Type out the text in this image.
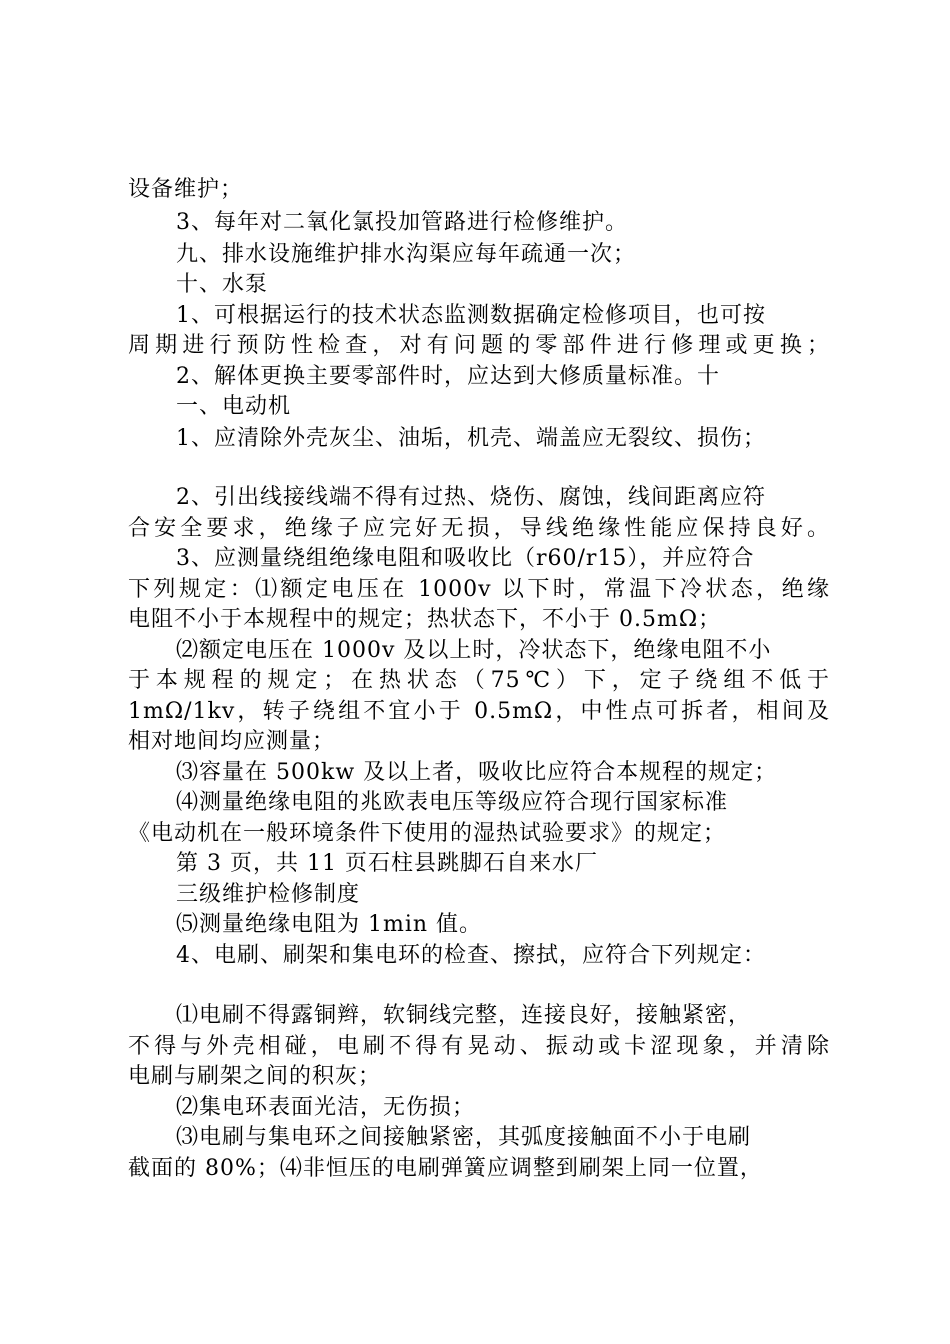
设备维护；
3、每年对二氧化氯投加管路进行检修维护。
九、排水设施维护排水沟渠应每年疏通一次；
十、水泵
1、可根据运行的技术状态监测数据确定检修项目，也可按
周期进行预防性检查，对有问题的零部件进行修理或更换；
2、解体更换主要零部件时，应达到大修质量标准。十
一、电动机
1、应清除外壳灰尘、油垢，机壳、端盖应无裂纹、损伤；
2、引出线接线端不得有过热、烧伤、腐蚀，线间距离应符
合安全要求，绝缘子应完好无损，导线绝缘性能应保持良好。
3、应测量绕组绝缘电阻和吸收比（r60/r15），并应符合
下列规定：⑴额定电压在 1000v 以下时，常温下冷状态，绝缘
电阻不小于本规程中的规定；热状态下，不小于 0.5mΩ；
⑵额定电压在 1000v 及以上时，冷状态下，绝缘电阻不小
于本规程的规定；在热状态（75℃）下，定子绕组不低于
1mΩ/1kv，转子绕组不宜小于 0.5mΩ，中性点可拆者，相间及
相对地间均应测量；
⑶容量在 500kw 及以上者，吸收比应符合本规程的规定；
⑷测量绝缘电阻的兆欧表电压等级应符合现行国家标准
《电动机在一般环境条件下使用的湿热试验要求》的规定；
第 3 页，共 11 页石柱县跳脚石自来水厂
三级维护检修制度
⑸测量绝缘电阻为 1min 值。
4、电刷、刷架和集电环的检查、擦拭，应符合下列规定：
⑴电刷不得露铜辫，软铜线完整，连接良好，接触紧密，
不得与外壳相碰，电刷不得有晃动、振动或卡涩现象，并清除
电刷与刷架之间的积灰；
⑵集电环表面光洁，无伤损；
⑶电刷与集电环之间接触紧密，其弧度接触面不小于电刷
截面的 80%；⑷非恒压的电刷弹簧应调整到刷架上同一位置，
